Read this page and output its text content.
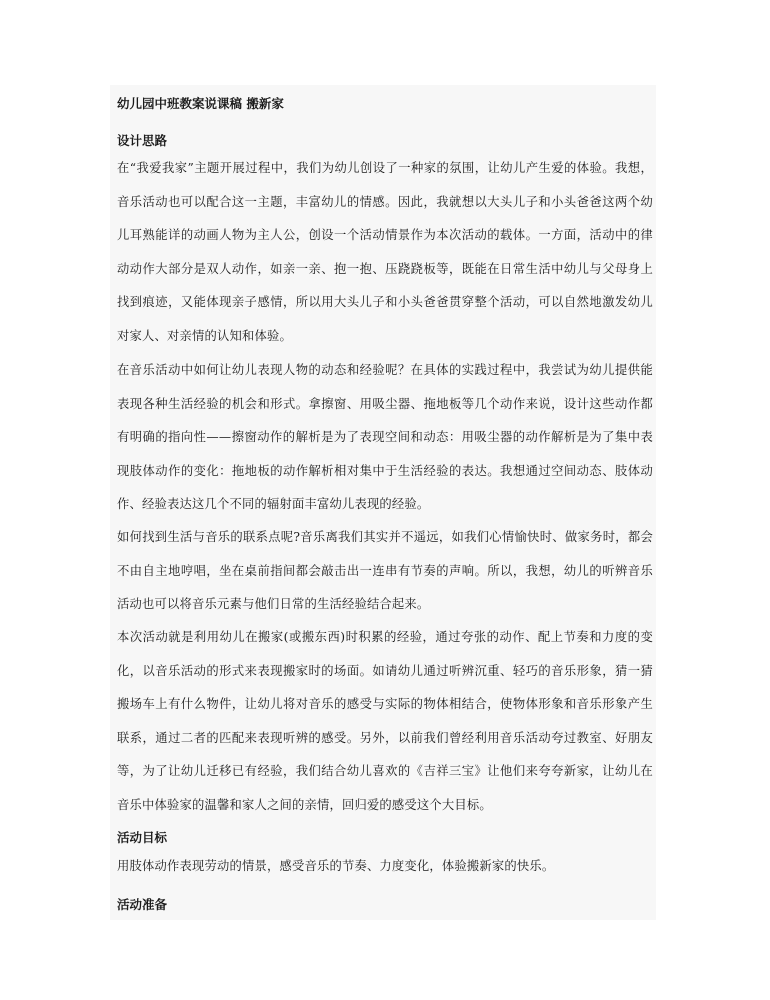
幼儿园中班教案说课稿 搬新家
设计思路

在“我爱我家”主题开展过程中，我们为幼儿创设了一种家的氛围，让幼儿产生爱的体验。我想，音乐活动也可以配合这一主题，丰富幼儿的情感。因此，我就想以大头儿子和小头爸爸这两个幼儿耳熟能详的动画人物为主人公，创设一个活动情景作为本次活动的载体。一方面，活动中的律动动作大部分是双人动作，如亲一亲、抱一抱、压跷跷板等，既能在日常生活中幼儿与父母身上找到痕迹，又能体现亲子感情，所以用大头儿子和小头爸爸贯穿整个活动，可以自然地激发幼儿对家人、对亲情的认知和体验。

在音乐活动中如何让幼儿表现人物的动态和经验呢？在具体的实践过程中，我尝试为幼儿提供能表现各种生活经验的机会和形式。拿擦窗、用吸尘器、拖地板等几个动作来说，设计这些动作都有明确的指向性——擦窗动作的解析是为了表现空间和动态：用吸尘器的动作解析是为了集中表现肢体动作的变化：拖地板的动作解析相对集中于生活经验的表达。我想通过空间动态、肢体动作、经验表达这几个不同的辐射面丰富幼儿表现的经验。

如何找到生活与音乐的联系点呢?音乐离我们其实并不遥远，如我们心情愉快时、做家务时，都会不由自主地哼唱，坐在桌前指间都会敲击出一连串有节奏的声响。所以，我想，幼儿的听辨音乐活动也可以将音乐元素与他们日常的生活经验结合起来。

本次活动就是利用幼儿在搬家(或搬东西)时积累的经验，通过夸张的动作、配上节奏和力度的变化，以音乐活动的形式来表现搬家时的场面。如请幼儿通过听辨沉重、轻巧的音乐形象，猜一猜搬场车上有什么物件，让幼儿将对音乐的感受与实际的物体相结合，使物体形象和音乐形象产生联系，通过二者的匹配来表现听辨的感受。另外，以前我们曾经利用音乐活动夸过教室、好朋友等，为了让幼儿迁移已有经验，我们结合幼儿喜欢的《吉祥三宝》让他们来夸夸新家，让幼儿在音乐中体验家的温馨和家人之间的亲情，回归爱的感受这个大目标。

活动目标

用肢体动作表现劳动的情景，感受音乐的节奏、力度变化，体验搬新家的快乐。

活动准备
